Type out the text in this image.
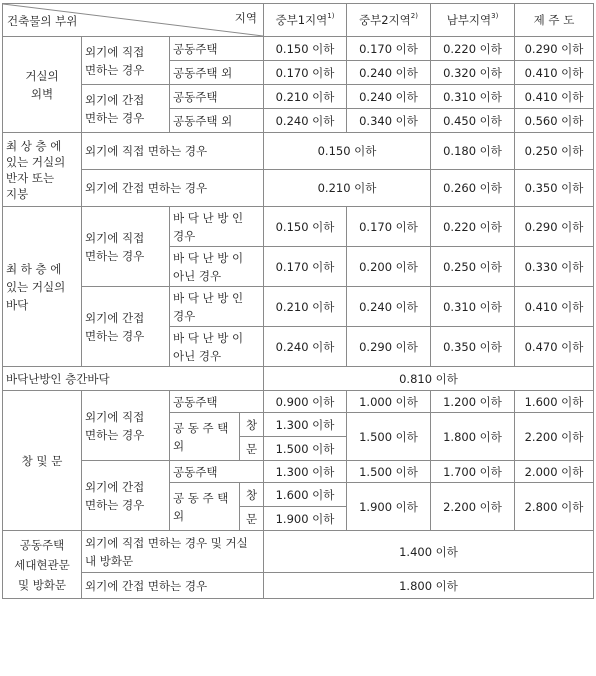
지역
건축물의 부위				중부1지역$^{1)}$	중부2지역$^{2)}$	남부지역$^{3)}$	제 주 도
거실의 외벽	외기에 직접 면하는 경우	공동주택		0.150 이하	0.170 이하	0.220 이하	0.290 이하
		공동주택 외		0.170 이하	0.240 이하	0.320 이하	0.410 이하
	외기에 간접 면하는 경우	공동주택		0.210 이하	0.240 이하	0.310 이하	0.410 이하
		공동주택 외		0.240 이하	0.340 이하	0.450 이하	0.560 이하
최 상 층 에 있는 거실의 반자 또는 지붕	외기에 직접 면하는 경우			0.150 이하		0.180 이하	0.250 이하
	외기에 간접 면하는 경우			0.210 이하		0.260 이하	0.350 이하
최 하 층 에 있는 거실의 바닥	외기에 직접 면하는 경우	바 닥 난 방 인 경우		0.150 이하	0.170 이하	0.220 이하	0.290 이하
		바 닥 난 방 이 아닌 경우		0.170 이하	0.200 이하	0.250 이하	0.330 이하
	외기에 간접 면하는 경우	바 닥 난 방 인 경우		0.210 이하	0.240 이하	0.310 이하	0.410 이하
		바 닥 난 방 이 아닌 경우		0.240 이하	0.290 이하	0.350 이하	0.470 이하
바닥난방인 층간바닥				0.810 이하			
창 및 문	외기에 직접 면하는 경우	공동주택		0.900 이하	1.000 이하	1.200 이하	1.600 이하
		공 동 주 택 외	창	1.300 이하	1.500 이하	1.800 이하	2.200 이하
			문	1.500 이하			
	외기에 간접 면하는 경우	공동주택		1.300 이하	1.500 이하	1.700 이하	2.000 이하
		공 동 주 택 외	창	1.600 이하	1.900 이하	2.200 이하	2.800 이하
			문	1.900 이하			

공동주택
세대현관문
및 방화문	외기에 직접 면하는 경우 및 거실 내 방화문			1.400 이하			
	외기에 간접 면하는 경우			1.800 이하			
